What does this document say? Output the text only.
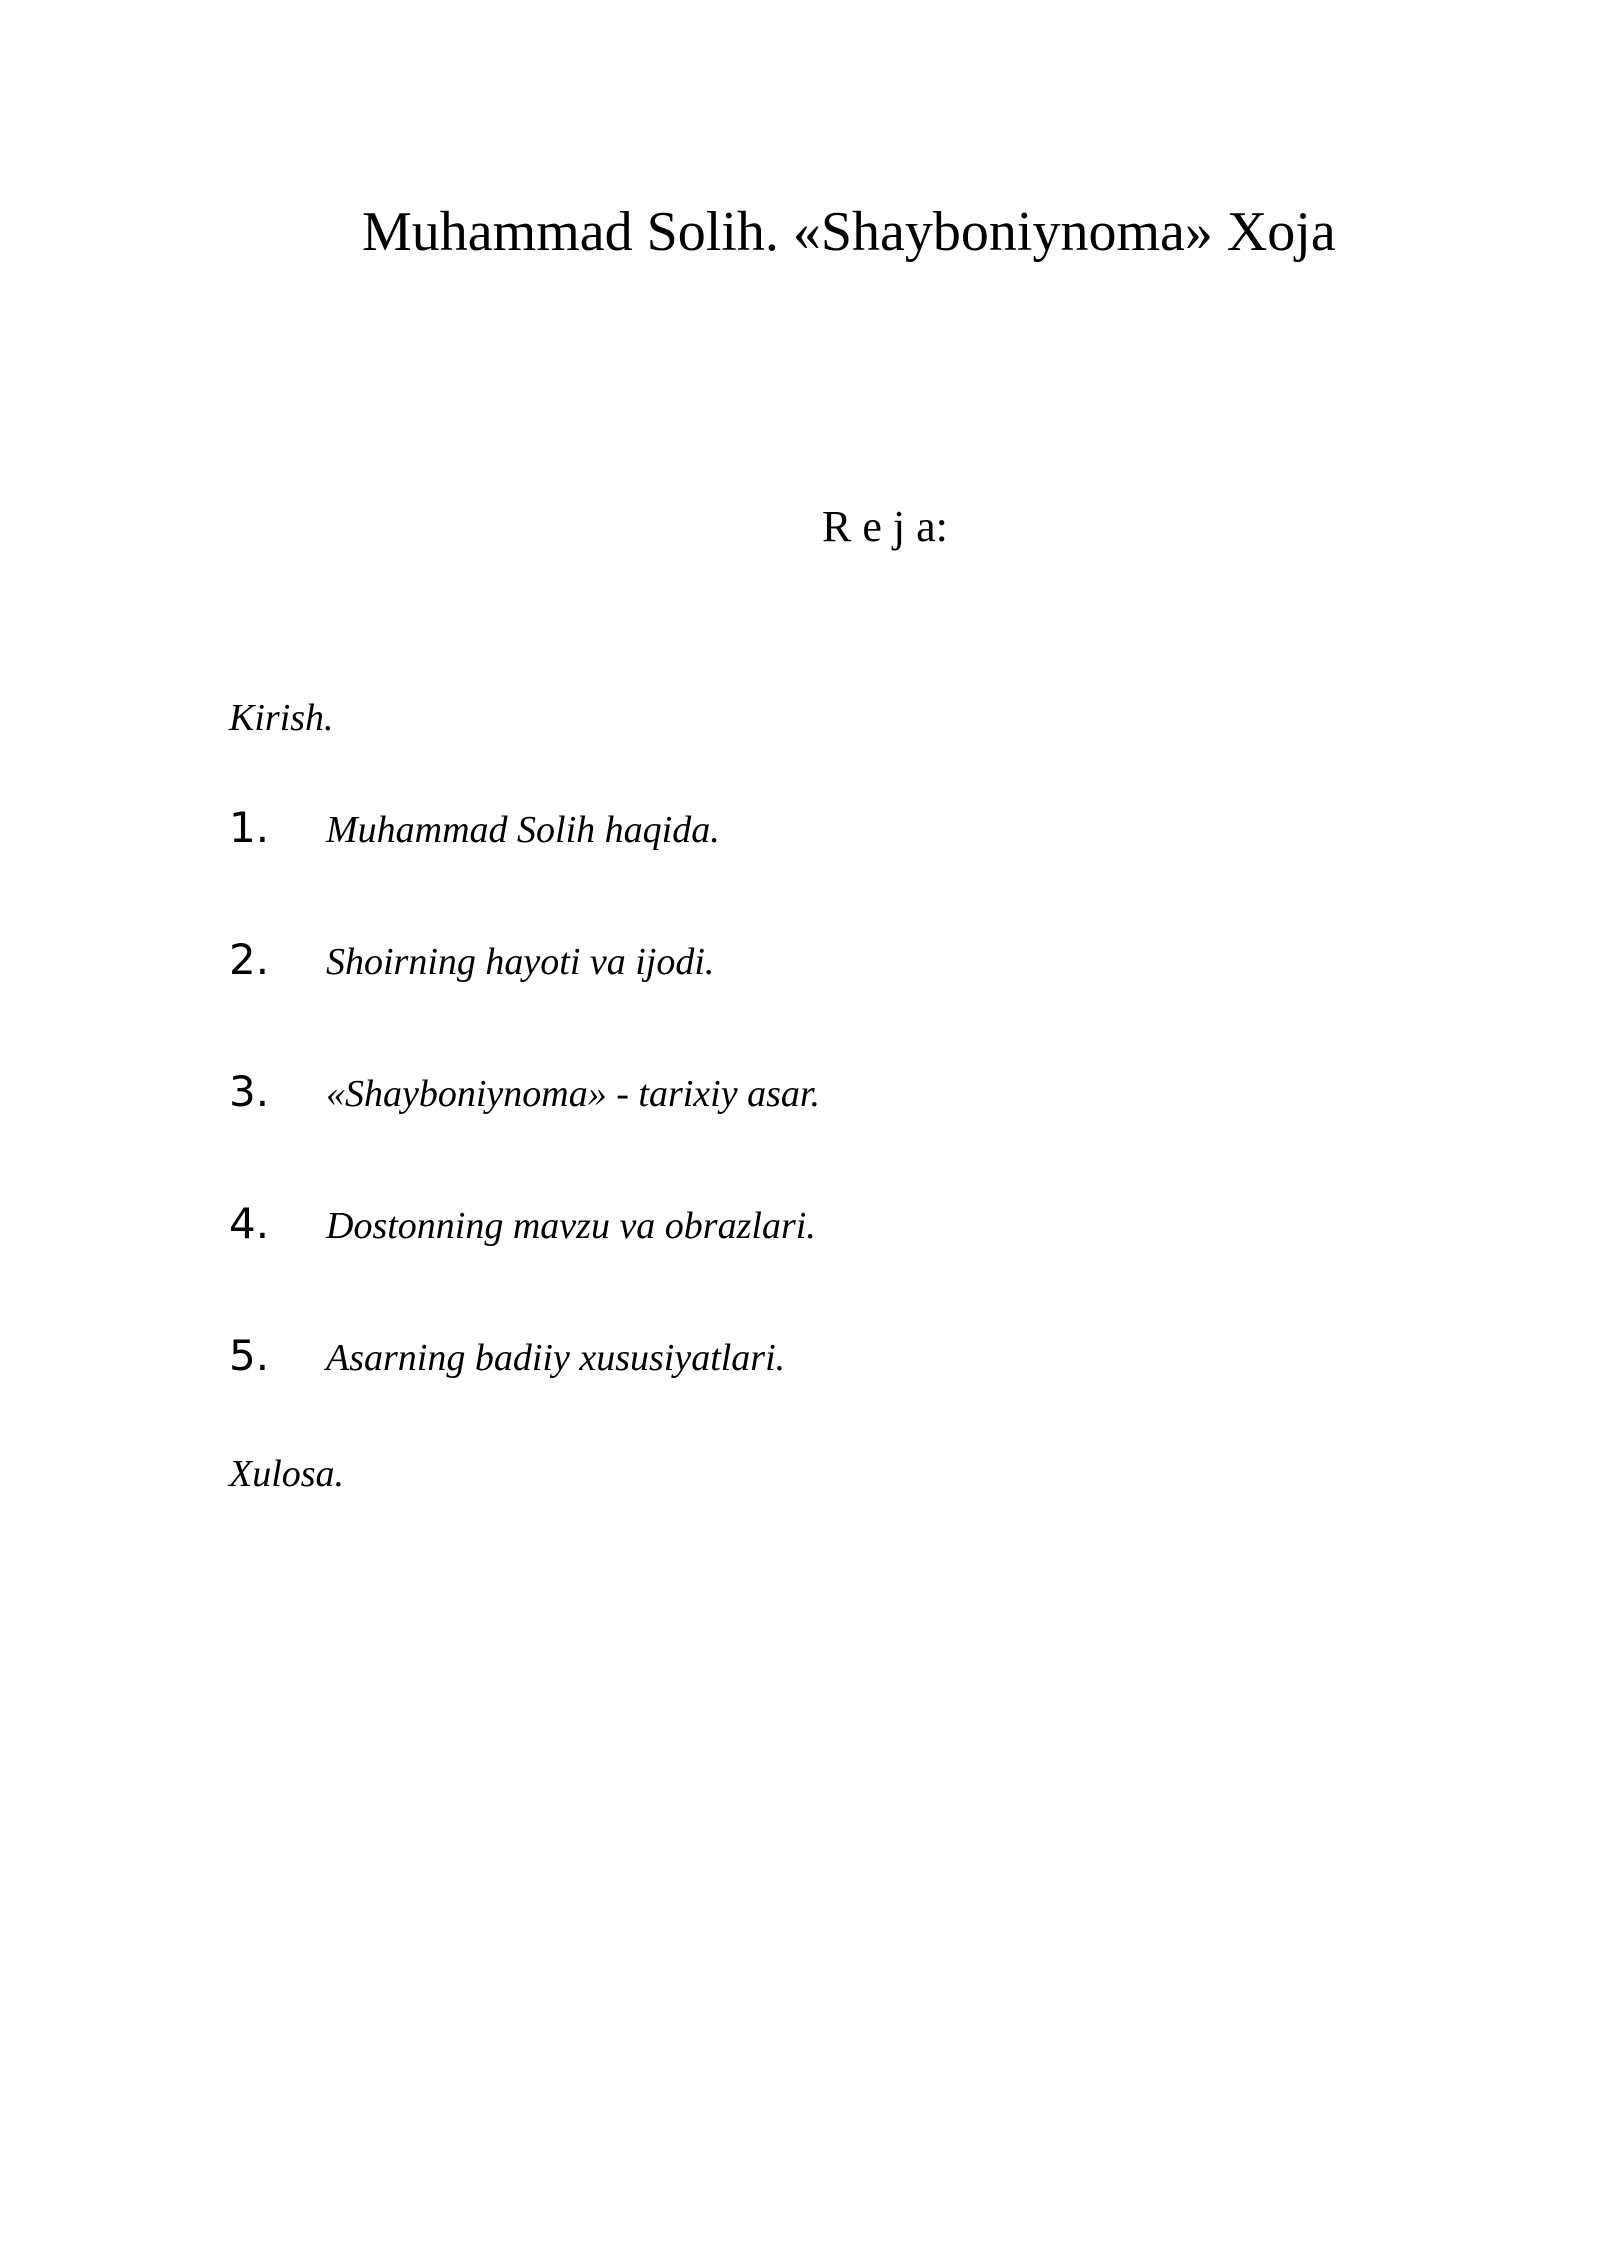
Muhammad Solih. «Shayboniynoma» Xoja
R e j a:
Kirish.
1. Muhammad Solih haqida.
2. Shoirning hayoti va ijodi.
3. «Shayboniynoma» - tarixiy asar.
4. Dostonning mavzu va obrazlari.
5. Asarning badiiy xususiyatlari.
Xulosa.
